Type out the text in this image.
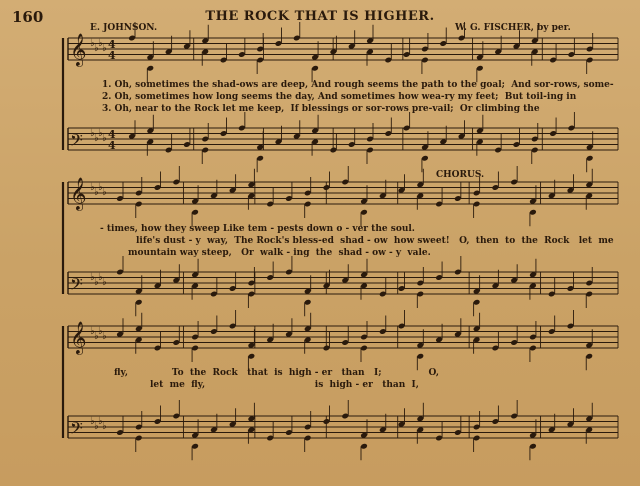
160	THE ROCK THAT IS HIGHER.
E. JOHNSON.	W. G. FISCHER, by per.
CHORUS.
𝄞 ♭ ♭ ♭ ♭
𝄢 ♭ ♭ ♭ ♭
𝄞 ♭ ♭ ♭ ♭
𝄢 ♭ ♭ ♭ ♭
𝄞 ♭ ♭ ♭ ♭
𝄢 ♭ ♭ ♭ ♭
4
4
4
4
1. Oh, sometimes the shad-ows are deep, And rough seems the path to the goal;  And sor-rows, some-
2. Oh, sometimes how long seems the day, And sometimes how wea-ry my feet;  But toil-ing in
3. Oh, near to the Rock let me keep,  If blessings or sor-rows pre-vail;  Or climbing the
- times, how they sweep Like tem - pests down o - ver the soul.
life's dust - y  way,  The Rock's bless-ed  shad - ow  how sweet!   O,  then  to  the  Rock   let  me
mountain way steep,   Or  walk - ing  the  shad - ow - y  vale.
fly,              To  the  Rock   that  is  high - er   than   I;               O,
let  me  fly,                                   is  high - er   than  I,
